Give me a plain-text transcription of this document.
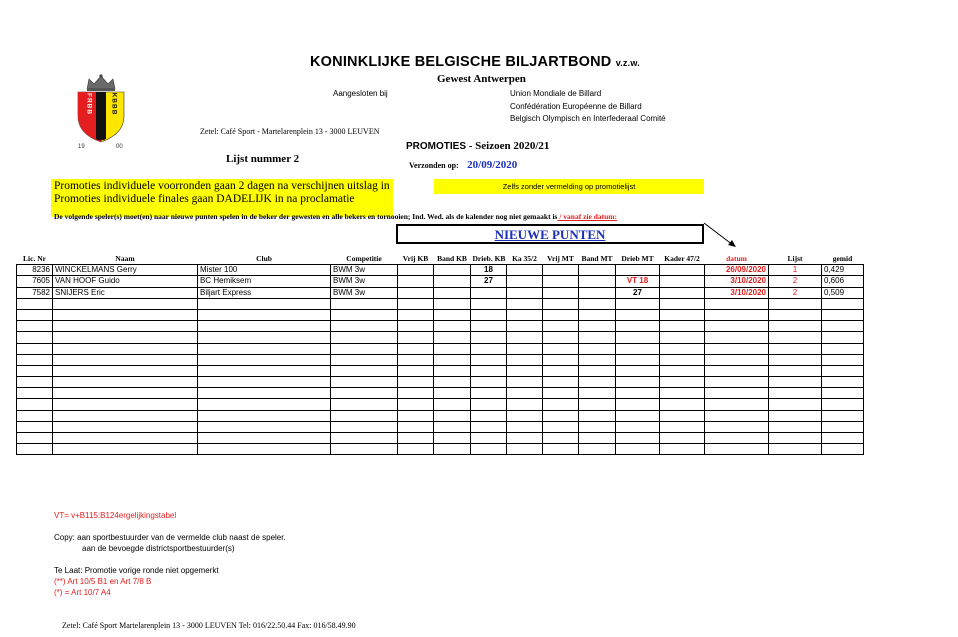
KONINKLIJKE BELGISCHE BILJARTBOND v.z.w.
Gewest Antwerpen
Aangesloten bij	Union Mondiale de Billard
Confédération Européenne de Billard
Belgisch Olympisch en Interfederaal Comité
Zetel: Café Sport - Martelarenplein 13 - 3000 LEUVEN
FRBB	KBBB
19	00	PROMOTIES - Seizoen 2020/21
Lijst nummer 2
Verzonden op: 20/09/2020
Promoties individuele voorronden gaan 2 dagen na verschijnen uitslag in
Promoties individuele finales gaan DADELIJK in na proclamatie
Zelfs zonder vermelding op promotielijst
De volgende speler(s) moet(en) naar nieuwe punten spelen in de beker der gewesten en alle bekers en tornooien; Ind. Wed. als de kalender nog niet gemaakt is / vanaf zie datum:
NIEUWE PUNTEN
Lic. Nr	Naam	Club	Competitie	Vrij KB	Band KB	Drieb. KB	Ka 35/2	Vrij MT	Band MT	Drieb MT	Kader 47/2	datum	Lijst	gemid
8236	WINCKELMANS Gerry	Mister 100	BWM 3w			18						26/09/2020	1	0,429
7605	VAN HOOF Guido	BC Hemiksem	BWM 3w			27				VT 18		3/10/2020	2	0,606
7582	SNIJERS Eric	Biljart Express	BWM 3w							27		3/10/2020	2	0,509

VT= v+B115:B124ergelijkingstabel
Copy: aan sportbestuurder van de vermelde club naast de speler.
aan de bevoegde districtsportbestuurder(s)
Te Laat: Promotie vorige ronde niet opgemerkt
(**) Art 10/5 B1 en Art 7/8 B
(*) = Art 10/7 A4
Zetel: Café Sport Martelarenplein 13 - 3000 LEUVEN Tel: 016/22.50.44 Fax: 016/58.49.90
